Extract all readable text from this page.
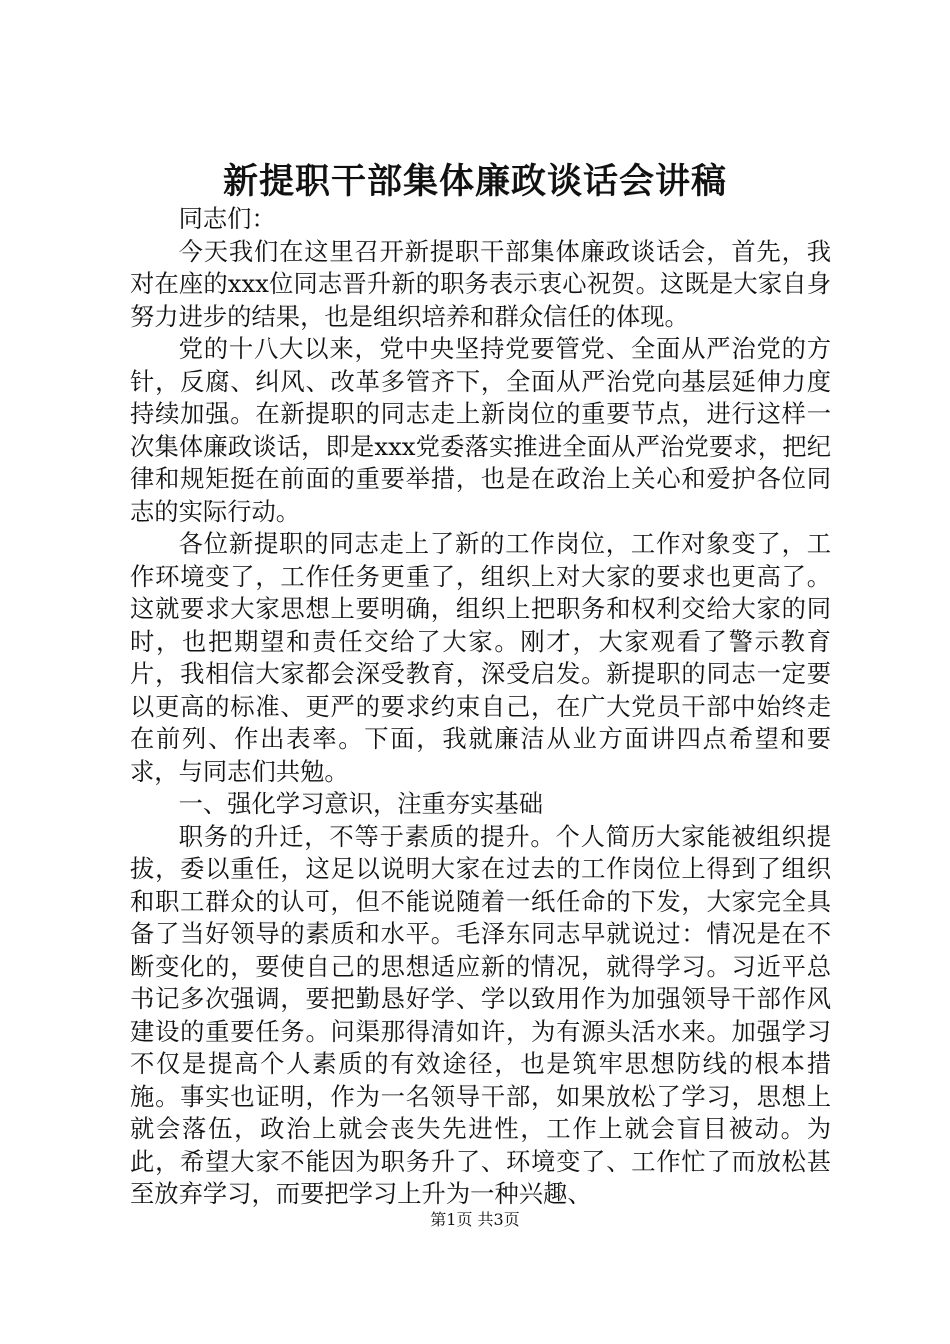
新提职干部集体廉政谈话会讲稿

同志们：

今天我们在这里召开新提职干部集体廉政谈话会，首先，我对在座的xxx位同志晋升新的职务表示衷心祝贺。这既是大家自身努力进步的结果，也是组织培养和群众信任的体现。

党的十八大以来，党中央坚持党要管党、全面从严治党的方针，反腐、纠风、改革多管齐下，全面从严治党向基层延伸力度持续加强。在新提职的同志走上新岗位的重要节点，进行这样一次集体廉政谈话，即是xxx党委落实推进全面从严治党要求，把纪律和规矩挺在前面的重要举措，也是在政治上关心和爱护各位同志的实际行动。

各位新提职的同志走上了新的工作岗位，工作对象变了，工作环境变了，工作任务更重了，组织上对大家的要求也更高了。这就要求大家思想上要明确，组织上把职务和权利交给大家的同时，也把期望和责任交给了大家。刚才，大家观看了警示教育片，我相信大家都会深受教育，深受启发。新提职的同志一定要以更高的标准、更严的要求约束自己，在广大党员干部中始终走在前列、作出表率。下面，我就廉洁从业方面讲四点希望和要求，与同志们共勉。

一、强化学习意识，注重夯实基础

职务的升迁，不等于素质的提升。个人简历大家能被组织提拔，委以重任，这足以说明大家在过去的工作岗位上得到了组织和职工群众的认可，但不能说随着一纸任命的下发，大家完全具备了当好领导的素质和水平。毛泽东同志早就说过：情况是在不断变化的，要使自己的思想适应新的情况，就得学习。习近平总书记多次强调，要把勤恳好学、学以致用作为加强领导干部作风建设的重要任务。问渠那得清如许，为有源头活水来。加强学习不仅是提高个人素质的有效途径，也是筑牢思想防线的根本措施。事实也证明，作为一名领导干部，如果放松了学习，思想上就会落伍，政治上就会丧失先进性，工作上就会盲目被动。为此，希望大家不能因为职务升了、环境变了、工作忙了而放松甚至放弃学习，而要把学习上升为一种兴趣、

第1页 共3页
